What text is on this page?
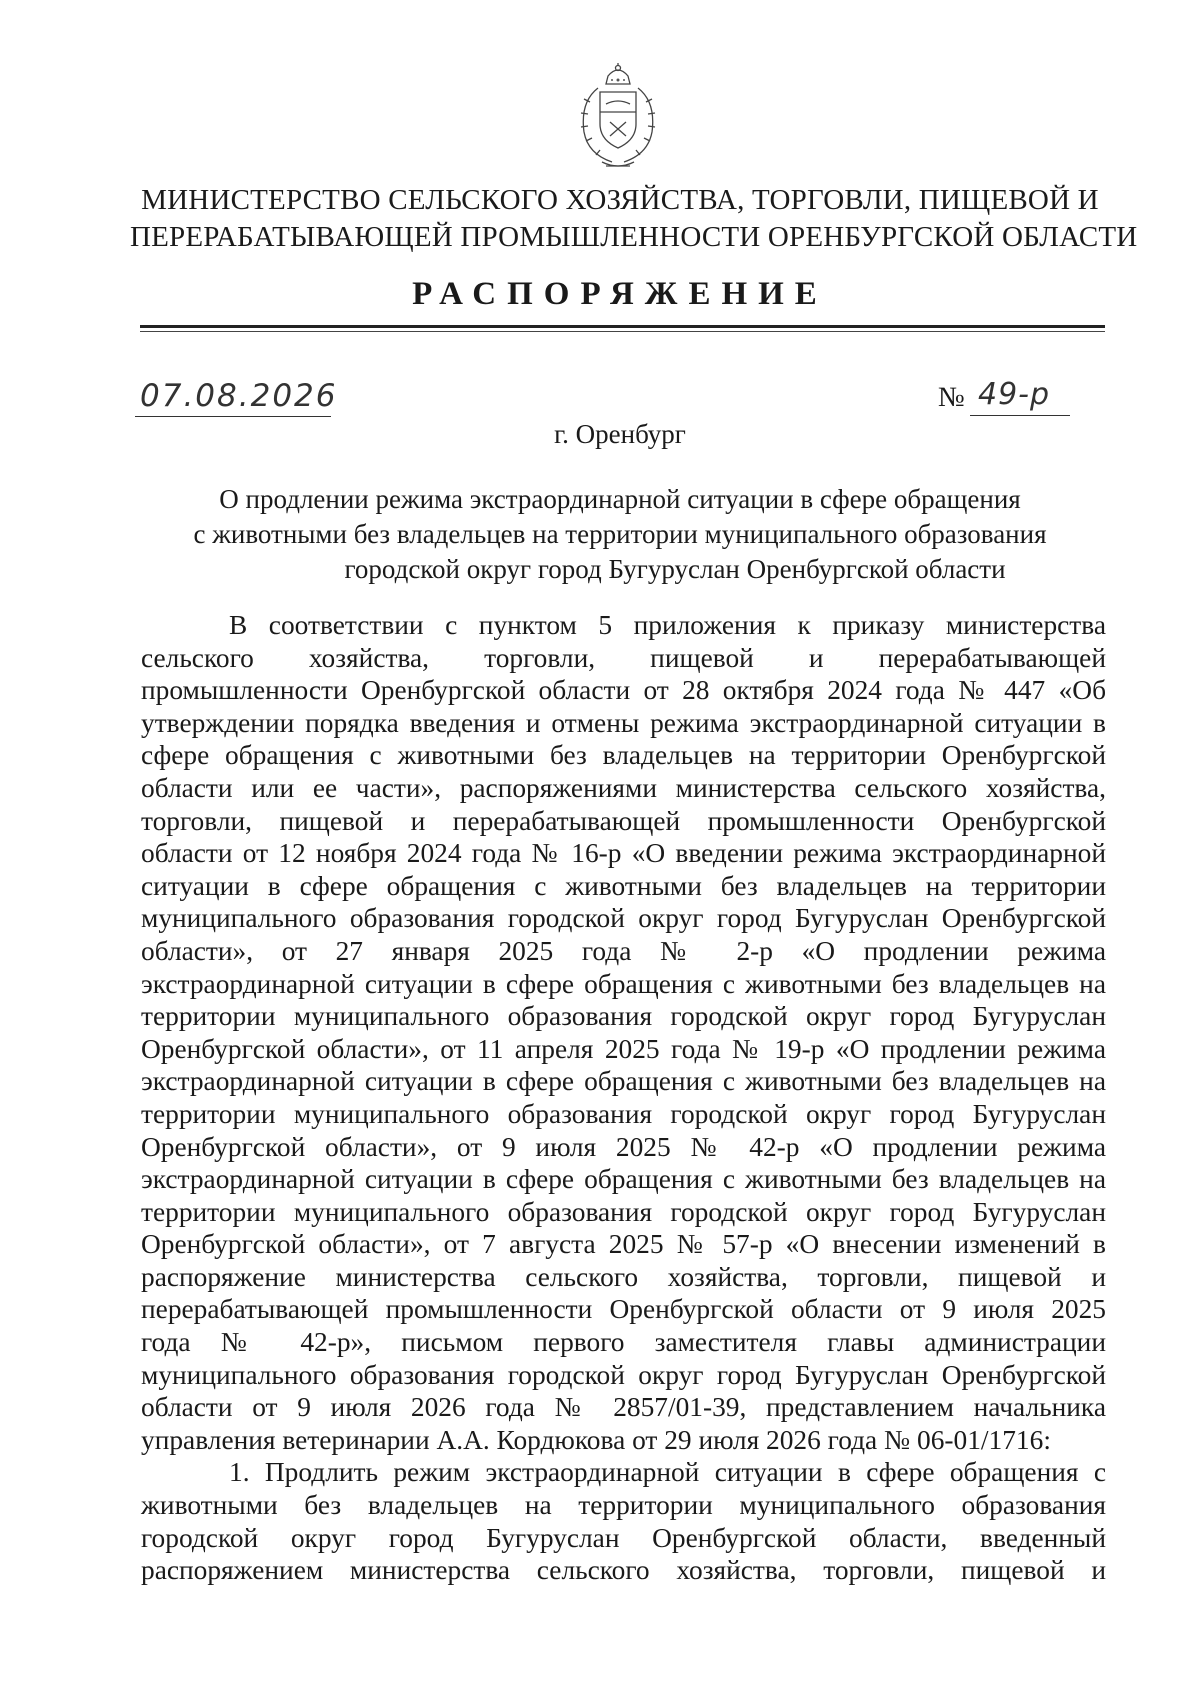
МИНИСТЕРСТВО СЕЛЬСКОГО ХОЗЯЙСТВА, ТОРГОВЛИ, ПИЩЕВОЙ И
ПЕРЕРАБАТЫВАЮЩЕЙ ПРОМЫШЛЕННОСТИ ОРЕНБУРГСКОЙ ОБЛАСТИ
РАСПОРЯЖЕНИЕ
07.08.2026	№ 49-р
г. Оренбург
О продлении режима экстраординарной ситуации в сфере обращения
с животными без владельцев на территории муниципального образования
городской округ город Бугуруслан Оренбургской области
В соответствии с пунктом 5 приложения к приказу министерства
сельского хозяйства, торговли, пищевой и перерабатывающей
промышленности Оренбургской области от 28 октября 2024 года № 447 «Об
утверждении порядка введения и отмены режима экстраординарной ситуации в
сфере обращения с животными без владельцев на территории Оренбургской
области или ее части», распоряжениями министерства сельского хозяйства,
торговли, пищевой и перерабатывающей промышленности Оренбургской
области от 12 ноября 2024 года № 16-р «О введении режима экстраординарной
ситуации в сфере обращения с животными без владельцев на территории
муниципального образования городской округ город Бугуруслан Оренбургской
области», от 27 января 2025 года № 2-р «О продлении режима
экстраординарной ситуации в сфере обращения с животными без владельцев на
территории муниципального образования городской округ город Бугуруслан
Оренбургской области», от 11 апреля 2025 года № 19-р «О продлении режима
экстраординарной ситуации в сфере обращения с животными без владельцев на
территории муниципального образования городской округ город Бугуруслан
Оренбургской области», от 9 июля 2025 № 42-р «О продлении режима
экстраординарной ситуации в сфере обращения с животными без владельцев на
территории муниципального образования городской округ город Бугуруслан
Оренбургской области», от 7 августа 2025 № 57-р «О внесении изменений в
распоряжение министерства сельского хозяйства, торговли, пищевой и
перерабатывающей промышленности Оренбургской области от 9 июля 2025
года № 42-р», письмом первого заместителя главы администрации
муниципального образования городской округ город Бугуруслан Оренбургской
области от 9 июля 2026 года № 2857/01-39, представлением начальника
управления ветеринарии А.А. Кордюкова от 29 июля 2026 года № 06-01/1716:
1. Продлить режим экстраординарной ситуации в сфере обращения с
животными без владельцев на территории муниципального образования
городской округ город Бугуруслан Оренбургской области, введенный
распоряжением министерства сельского хозяйства, торговли, пищевой и
